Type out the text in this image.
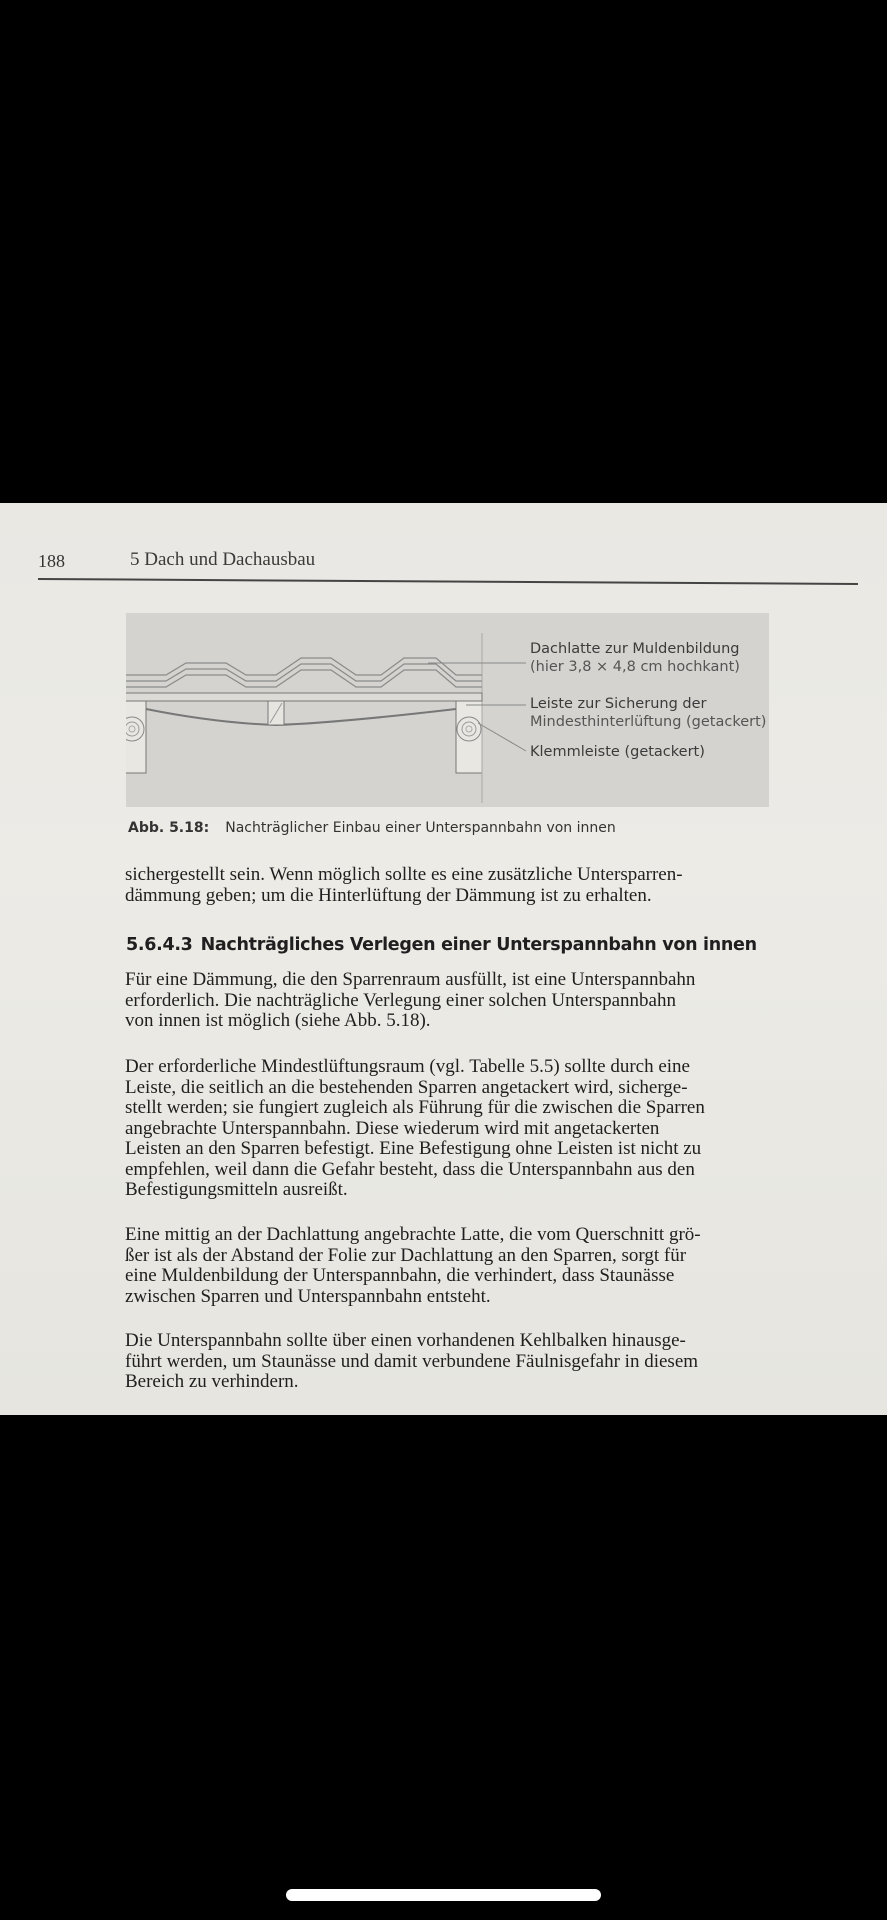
188	5 Dach und Dachausbau
Dachlatte zur Muldenbildung
(hier 3,8 × 4,8 cm hochkant)
Leiste zur Sicherung der
Mindesthinterlüftung (getackert)
Klemmleiste (getackert)
Abb. 5.18: Nachträglicher Einbau einer Unterspannbahn von innen
sichergestellt sein. Wenn möglich sollte es eine zusätzliche Untersparren-
dämmung geben; um die Hinterlüftung der Dämmung ist zu erhalten.
5.6.4.3 Nachträgliches Verlegen einer Unterspannbahn von innen
Für eine Dämmung, die den Sparrenraum ausfüllt, ist eine Unterspannbahn
erforderlich. Die nachträgliche Verlegung einer solchen Unterspannbahn
von innen ist möglich (siehe Abb. 5.18).
Der erforderliche Mindestlüftungsraum (vgl. Tabelle 5.5) sollte durch eine
Leiste, die seitlich an die bestehenden Sparren angetackert wird, sicherge-
stellt werden; sie fungiert zugleich als Führung für die zwischen die Sparren
angebrachte Unterspannbahn. Diese wiederum wird mit angetackerten
Leisten an den Sparren befestigt. Eine Befestigung ohne Leisten ist nicht zu
empfehlen, weil dann die Gefahr besteht, dass die Unterspannbahn aus den
Befestigungsmitteln ausreißt.
Eine mittig an der Dachlattung angebrachte Latte, die vom Querschnitt grö-
ßer ist als der Abstand der Folie zur Dachlattung an den Sparren, sorgt für
eine Muldenbildung der Unterspannbahn, die verhindert, dass Staunässe
zwischen Sparren und Unterspannbahn entsteht.
Die Unterspannbahn sollte über einen vorhandenen Kehlbalken hinausge-
führt werden, um Staunässe und damit verbundene Fäulnisgefahr in diesem
Bereich zu verhindern.
